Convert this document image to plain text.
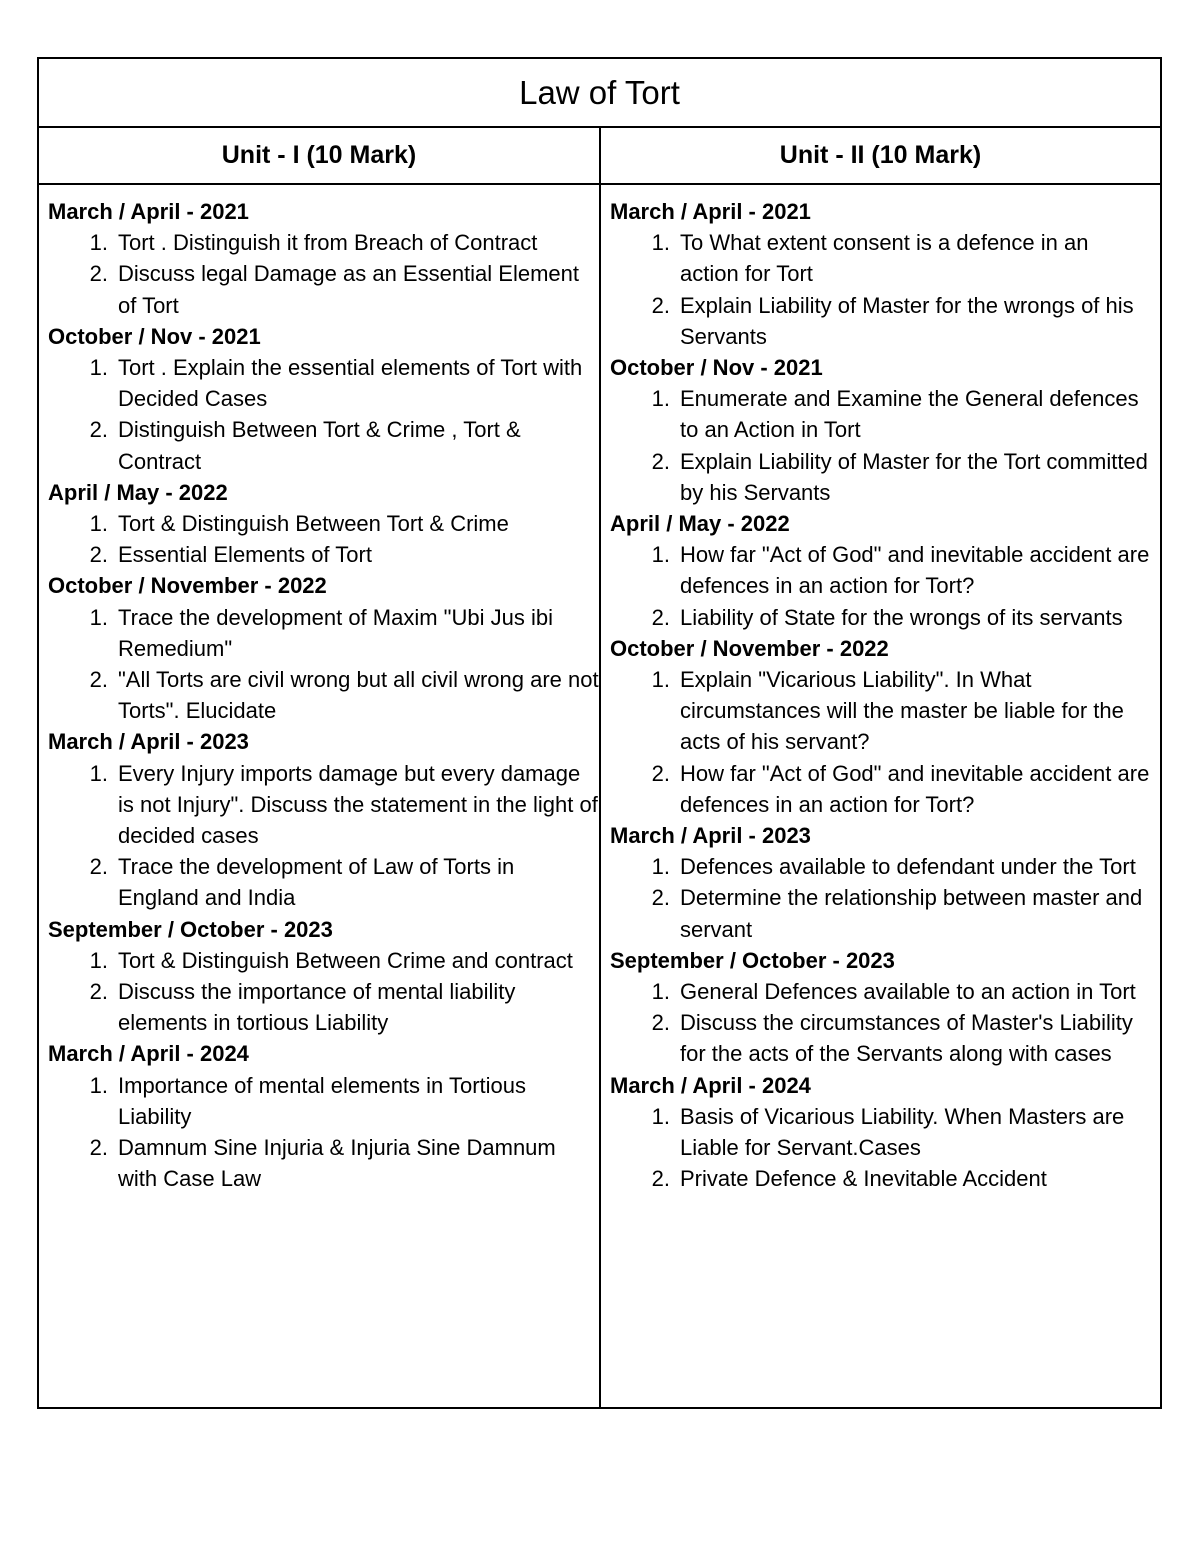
Law of Tort
Unit - I (10 Mark)	Unit - II (10 Mark)
March / April - 2021
1. Tort . Distinguish it from Breach of Contract
2. Discuss legal Damage as an Essential Element of Tort
October / Nov - 2021
1. Tort . Explain the essential elements of Tort with Decided Cases
2. Distinguish Between Tort & Crime , Tort & Contract
April / May - 2022
1. Tort & Distinguish Between Tort & Crime
2. Essential Elements of Tort
October / November - 2022
1. Trace the development of Maxim "Ubi Jus ibi Remedium"
2. "All Torts are civil wrong but all civil wrong are not Torts". Elucidate
March / April - 2023
1. Every Injury imports damage but every damage is not Injury". Discuss the statement in the light of decided cases
2. Trace the development of Law of Torts in England and India
September / October - 2023
1. Tort & Distinguish Between Crime and contract
2. Discuss the importance of mental liability elements in tortious Liability
March / April - 2024
1. Importance of mental elements in Tortious Liability
2. Damnum Sine Injuria & Injuria Sine Damnum with Case Law
March / April - 2021
1. To What extent consent is a defence in an action for Tort
2. Explain Liability of Master for the wrongs of his Servants
October / Nov - 2021
1. Enumerate and Examine the General defences to an Action in Tort
2. Explain Liability of Master for the Tort committed by his Servants
April / May - 2022
1. How far "Act of God" and inevitable accident are defences in an action for Tort?
2. Liability of State for the wrongs of its servants
October / November - 2022
1. Explain "Vicarious Liability". In What circumstances will the master be liable for the acts of his servant?
2. How far "Act of God" and inevitable accident are defences in an action for Tort?
March / April - 2023
1. Defences available to defendant under the Tort
2. Determine the relationship between master and servant
September / October - 2023
1. General Defences available to an action in Tort
2. Discuss the circumstances of Master's Liability for the acts of the Servants along with cases
March / April - 2024
1. Basis of Vicarious Liability. When Masters are Liable for Servant.Cases
2. Private Defence & Inevitable Accident
